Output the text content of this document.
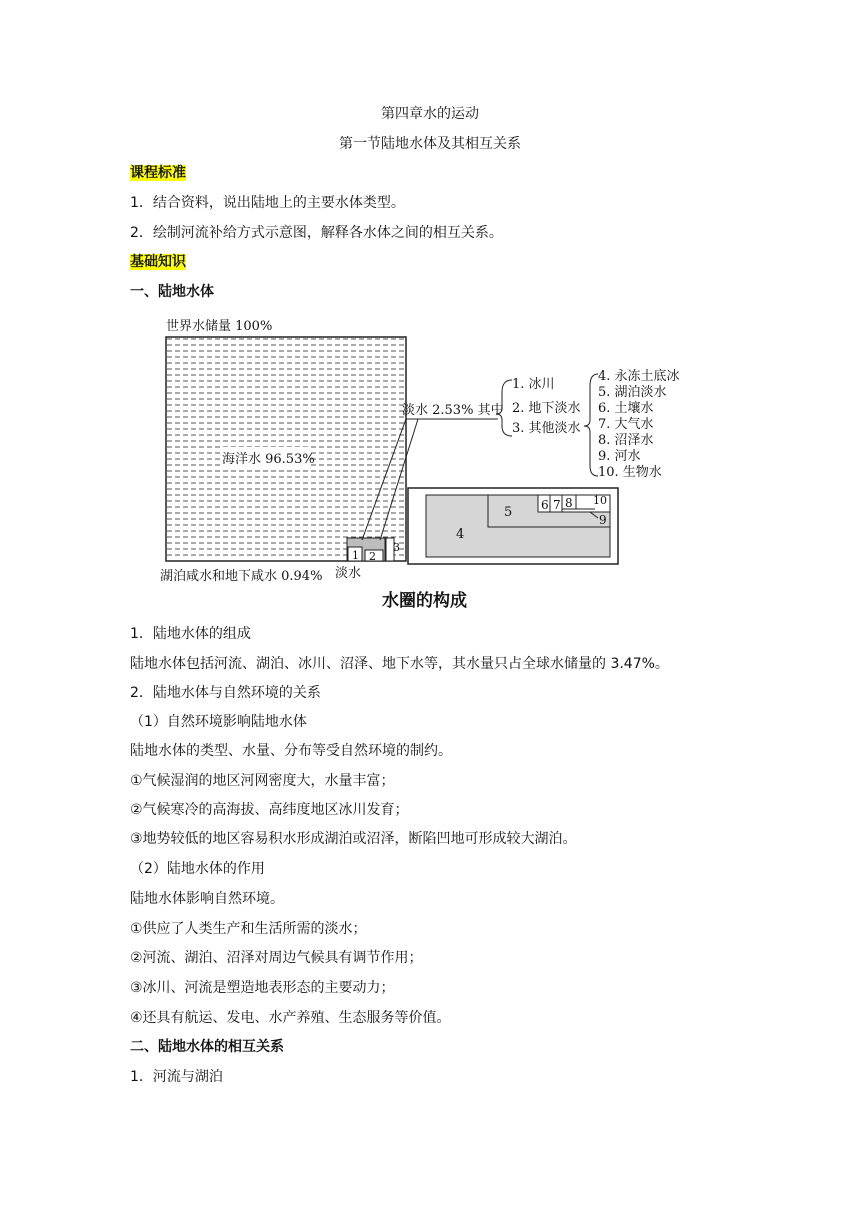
第四章水的运动
第一节陆地水体及其相互关系
课程标准
1．结合资料，说出陆地上的主要水体类型。
2．绘制河流补给方式示意图，解释各水体之间的相互关系。
基础知识
一、陆地水体
世界水储量 100%
海洋水 96.53%
1 2
3
湖泊咸水和地下咸水 0.94% 淡水
淡水 2.53% 其中
1. 冰川
2. 地下淡水
3. 其他淡水
4. 永冻土底冰
5. 湖泊淡水
6. 土壤水
7. 大气水
8. 沼泽水
9. 河水
10. 生物水
4
5 6 7 8 10
9
水圈的构成
1．陆地水体的组成
陆地水体包括河流、湖泊、冰川、沼泽、地下水等，其水量只占全球水储量的 3.47%。
2．陆地水体与自然环境的关系
（1）自然环境影响陆地水体
陆地水体的类型、水量、分布等受自然环境的制约。
①气候湿润的地区河网密度大，水量丰富；
②气候寒冷的高海拔、高纬度地区冰川发育；
③地势较低的地区容易积水形成湖泊或沼泽，断陷凹地可形成较大湖泊。
（2）陆地水体的作用
陆地水体影响自然环境。
①供应了人类生产和生活所需的淡水；
②河流、湖泊、沼泽对周边气候具有调节作用；
③冰川、河流是塑造地表形态的主要动力；
④还具有航运、发电、水产养殖、生态服务等价值。
二、陆地水体的相互关系
1．河流与湖泊
